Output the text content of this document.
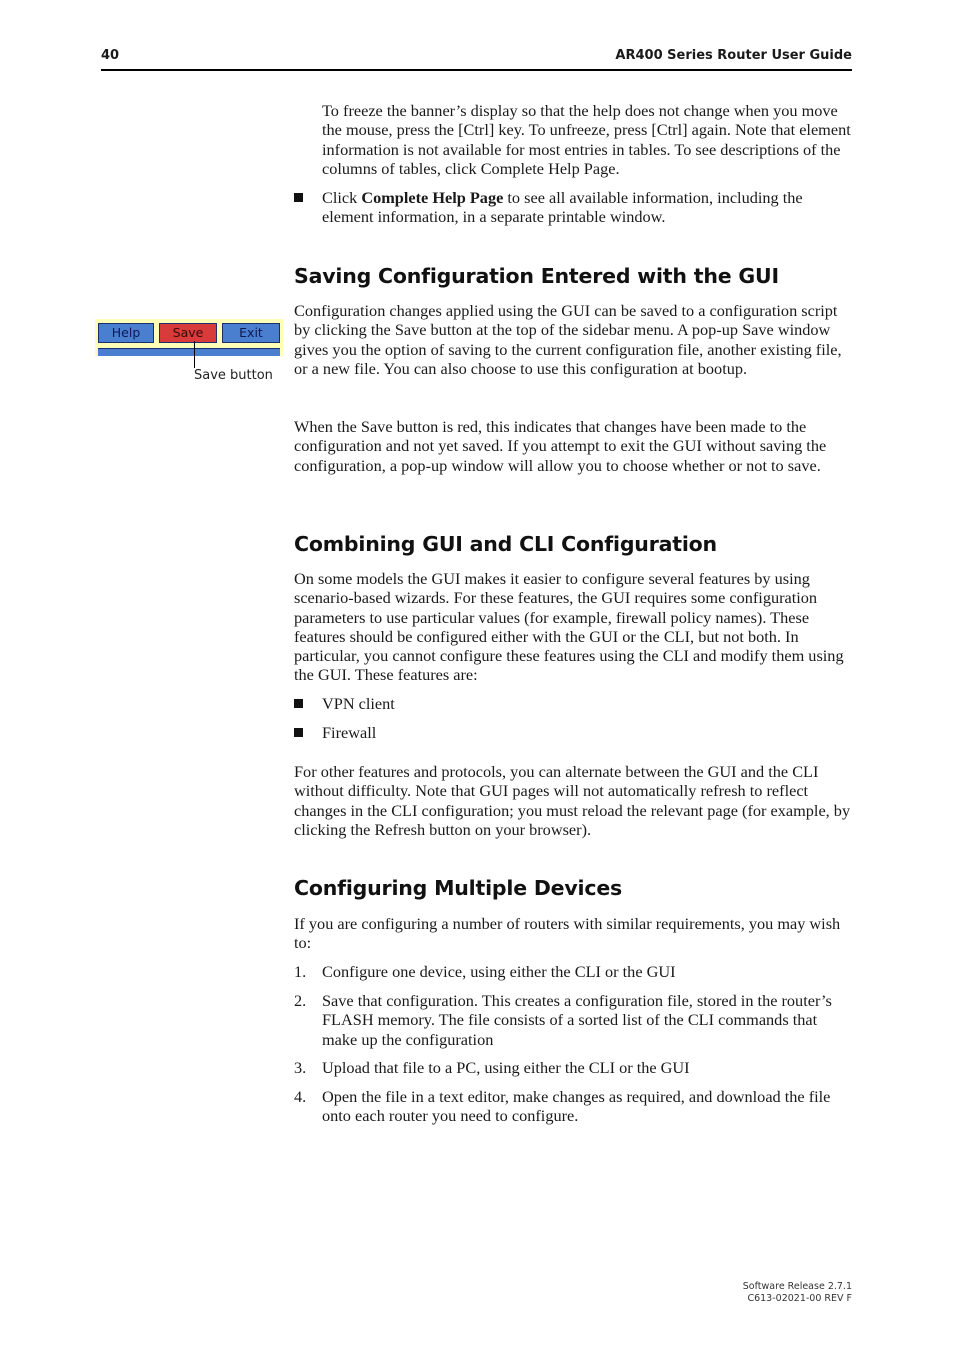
40	AR400 Series Router User Guide

To freeze the banner’s display so that the help does not change when you move the mouse, press the [Ctrl] key. To unfreeze, press [Ctrl] again. Note that element information is not available for most entries in tables. To see descriptions of the columns of tables, click Complete Help Page.

Click Complete Help Page to see all available information, including the element information, in a separate printable window.

Saving Configuration Entered with the GUI
Help	Save	Exit
Save button

Configuration changes applied using the GUI can be saved to a configuration script by clicking the Save button at the top of the sidebar menu. A pop-up Save window gives you the option of saving to the current configuration file, another existing file, or a new file. You can also choose to use this configuration at bootup.

When the Save button is red, this indicates that changes have been made to the configuration and not yet saved. If you attempt to exit the GUI without saving the configuration, a pop-up window will allow you to choose whether or not to save.

Combining GUI and CLI Configuration

On some models the GUI makes it easier to configure several features by using scenario-based wizards. For these features, the GUI requires some configuration parameters to use particular values (for example, firewall policy names). These features should be configured either with the GUI or the CLI, but not both. In particular, you cannot configure these features using the CLI and modify them using the GUI. These features are:

VPN client

Firewall

For other features and protocols, you can alternate between the GUI and the CLI without difficulty. Note that GUI pages will not automatically refresh to reflect changes in the CLI configuration; you must reload the relevant page (for example, by clicking the Refresh button on your browser).

Configuring Multiple Devices

If you are configuring a number of routers with similar requirements, you may wish to:

1. Configure one device, using either the CLI or the GUI

2. Save that configuration. This creates a configuration file, stored in the router’s FLASH memory. The file consists of a sorted list of the CLI commands that make up the configuration

3. Upload that file to a PC, using either the CLI or the GUI

4. Open the file in a text editor, make changes as required, and download the file onto each router you need to configure.

Software Release 2.7.1
C613-02021-00 REV F
